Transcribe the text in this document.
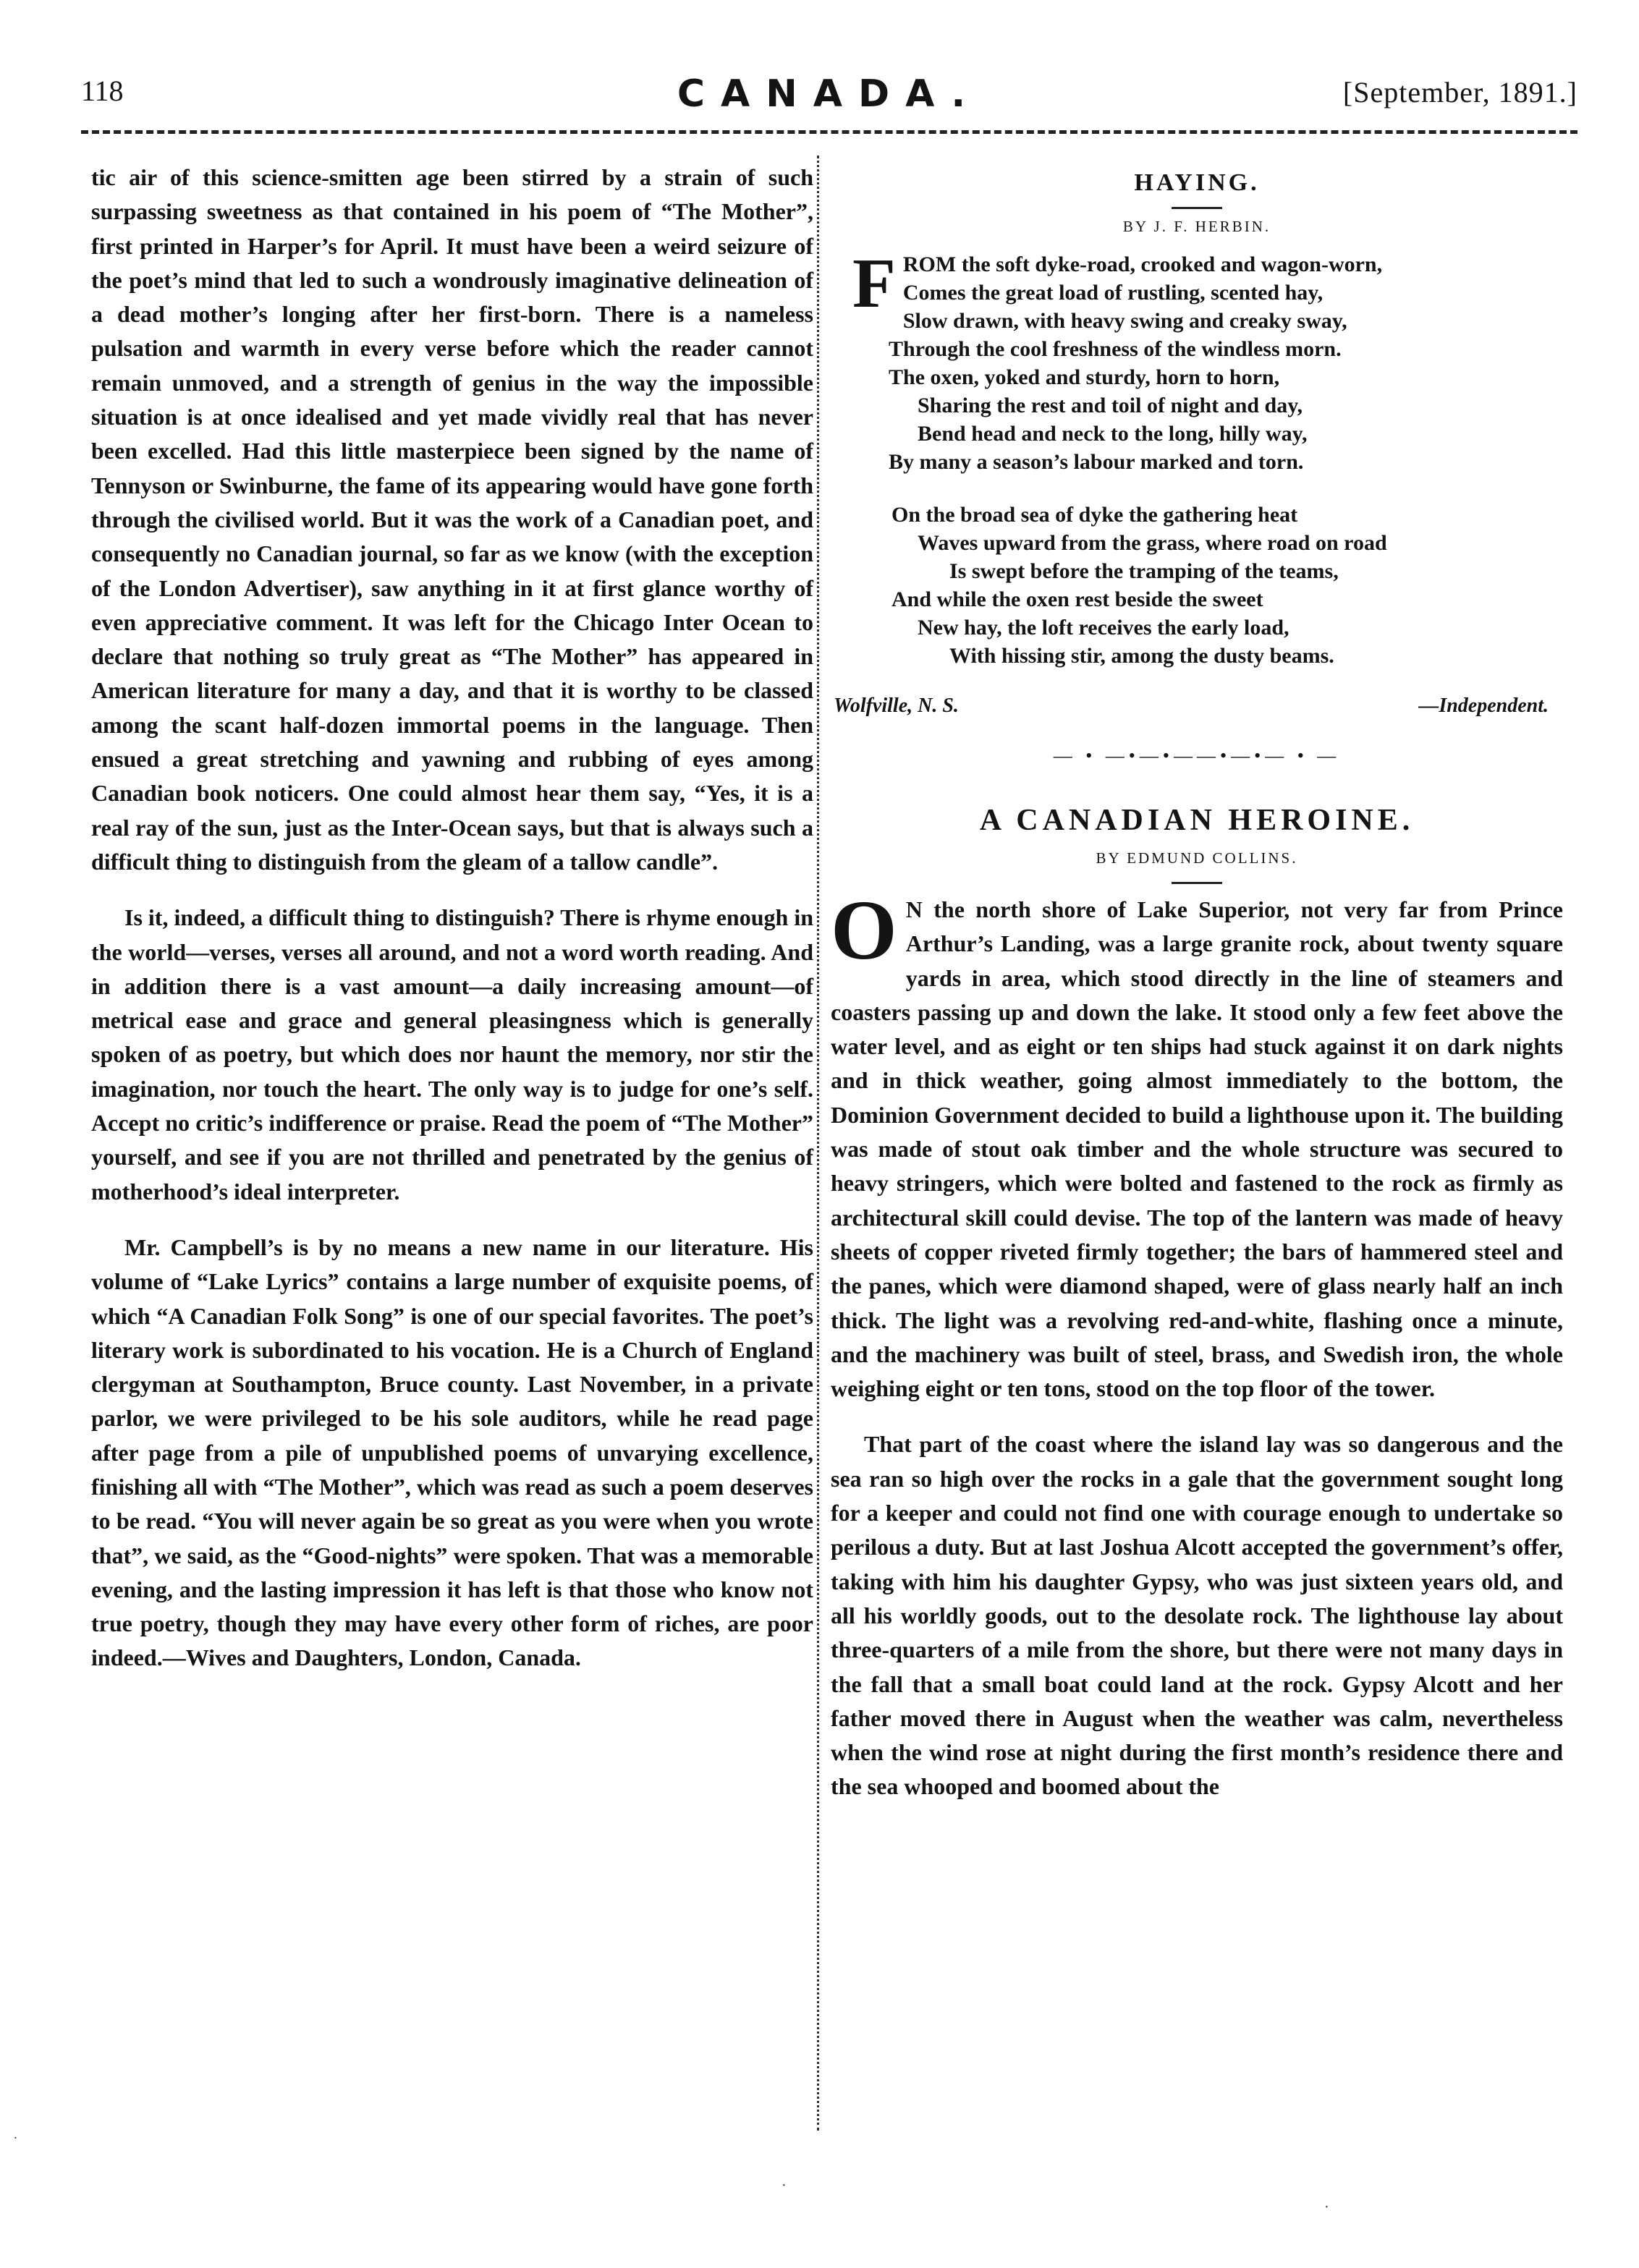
118	CANADA.	[September, 1891.]

tic air of this science-smitten age been stirred by a strain of such surpassing sweetness as that contained in his poem of “The Mother”, first printed in Harper’s for April. It must have been a weird seizure of the poet’s mind that led to such a wondrously imaginative delineation of a dead mother’s longing after her first-born. There is a nameless pulsation and warmth in every verse before which the reader cannot remain unmoved, and a strength of genius in the way the impossible situation is at once idealised and yet made vividly real that has never been excelled. Had this little masterpiece been signed by the name of Tennyson or Swinburne, the fame of its appearing would have gone forth through the civilised world. But it was the work of a Canadian poet, and consequently no Canadian journal, so far as we know (with the exception of the London Advertiser), saw anything in it at first glance worthy of even appreciative comment. It was left for the Chicago Inter Ocean to declare that nothing so truly great as “The Mother” has appeared in American literature for many a day, and that it is worthy to be classed among the scant half-dozen immortal poems in the language. Then ensued a great stretching and yawning and rubbing of eyes among Canadian book noticers. One could almost hear them say, “Yes, it is a real ray of the sun, just as the Inter-Ocean says, but that is always such a difficult thing to distinguish from the gleam of a tallow candle”.

Is it, indeed, a difficult thing to distinguish? There is rhyme enough in the world—verses, verses all around, and not a word worth reading. And in addition there is a vast amount—a daily increasing amount—of metrical ease and grace and general pleasingness which is generally spoken of as poetry, but which does nor haunt the memory, nor stir the imagination, nor touch the heart. The only way is to judge for one’s self. Accept no critic’s indifference or praise. Read the poem of “The Mother” yourself, and see if you are not thrilled and penetrated by the genius of motherhood’s ideal interpreter.

Mr. Campbell’s is by no means a new name in our literature. His volume of “Lake Lyrics” contains a large number of exquisite poems, of which “A Canadian Folk Song” is one of our special favorites. The poet’s literary work is subordinated to his vocation. He is a Church of England clergyman at Southampton, Bruce county. Last November, in a private parlor, we were privileged to be his sole auditors, while he read page after page from a pile of unpublished poems of unvarying excellence, finishing all with “The Mother”, which was read as such a poem deserves to be read. “You will never again be so great as you were when you wrote that”, we said, as the “Good-nights” were spoken. That was a memorable evening, and the lasting impression it has left is that those who know not true poetry, though they may have every other form of riches, are poor indeed.—Wives and Daughters, London, Canada.

HAYING.
BY J. F. HERBIN.
F ROM the soft dyke-road, crooked and wagon-worn,
Comes the great load of rustling, scented hay,
Slow drawn, with heavy swing and creaky sway,
Through the cool freshness of the windless morn.
The oxen, yoked and sturdy, horn to horn,
Sharing the rest and toil of night and day,
Bend head and neck to the long, hilly way,
By many a season’s labour marked and torn.
On the broad sea of dyke the gathering heat
Waves upward from the grass, where road on road
Is swept before the tramping of the teams,
And while the oxen rest beside the sweet
New hay, the loft receives the early load,
With hissing stir, among the dusty beams.
Wolfville, N. S.	—Independent.
— • —•—•——•—•— • —
A CANADIAN HEROINE.
BY EDMUND COLLINS.

O N the north shore of Lake Superior, not very far from Prince Arthur’s Landing, was a large granite rock, about twenty square yards in area, which stood directly in the line of steamers and coasters passing up and down the lake. It stood only a few feet above the water level, and as eight or ten ships had stuck against it on dark nights and in thick weather, going almost immediately to the bottom, the Dominion Government decided to build a lighthouse upon it. The building was made of stout oak timber and the whole structure was secured to heavy stringers, which were bolted and fastened to the rock as firmly as architectural skill could devise. The top of the lantern was made of heavy sheets of copper riveted firmly together; the bars of hammered steel and the panes, which were diamond shaped, were of glass nearly half an inch thick. The light was a revolving red-and-white, flashing once a minute, and the machinery was built of steel, brass, and Swedish iron, the whole weighing eight or ten tons, stood on the top floor of the tower.

That part of the coast where the island lay was so dangerous and the sea ran so high over the rocks in a gale that the government sought long for a keeper and could not find one with courage enough to undertake so perilous a duty. But at last Joshua Alcott accepted the government’s offer, taking with him his daughter Gypsy, who was just sixteen years old, and all his worldly goods, out to the desolate rock. The lighthouse lay about three-quarters of a mile from the shore, but there were not many days in the fall that a small boat could land at the rock. Gypsy Alcott and her father moved there in August when the weather was calm, nevertheless when the wind rose at night during the first month’s residence there and the sea whooped and boomed about the

˙
·
·
